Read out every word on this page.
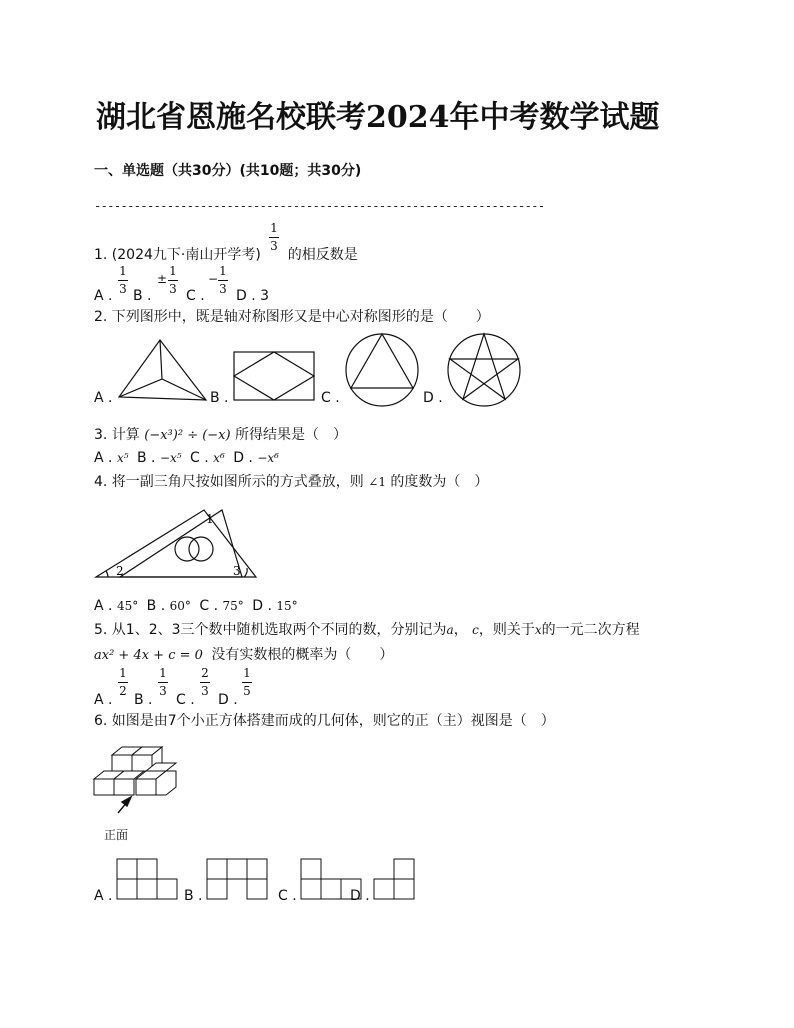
湖北省恩施名校联考2024年中考数学试题
一、单选题（共30分）(共10题；共30分)
--------------------------------------------------------------------
1. (2024九下·南山开学考) 的相反数是
1
3
A .
1
3 B .
±
1
3 C .
−
1
3 D . 3
2. 下列图形中，既是轴对称图形又是中心对称图形的是（　　）
A .	B .	C .	D .
3. 计算 (−x³)² ÷ (−x) 所得结果是（　）
A . x⁵ B . −x⁵ C . x⁶ D . −x⁶
4. 将一副三角尺按如图所示的方式叠放，则 ∠1 的度数为（　）
1
2	3
A . 45° B . 60° C . 75° D . 15°
5. 从1、2、3三个数中随机选取两个不同的数，分别记为a， c，则关于x的一元二次方程
ax² + 4x + c = 0 没有实数根的概率为（　　）
A .
1
2
B .
1
3
C .
2
3
D .
1
5
6. 如图是由7个小正方体搭建而成的几何体，则它的正（主）视图是（　）
正面
A .	B .	C .	D .
